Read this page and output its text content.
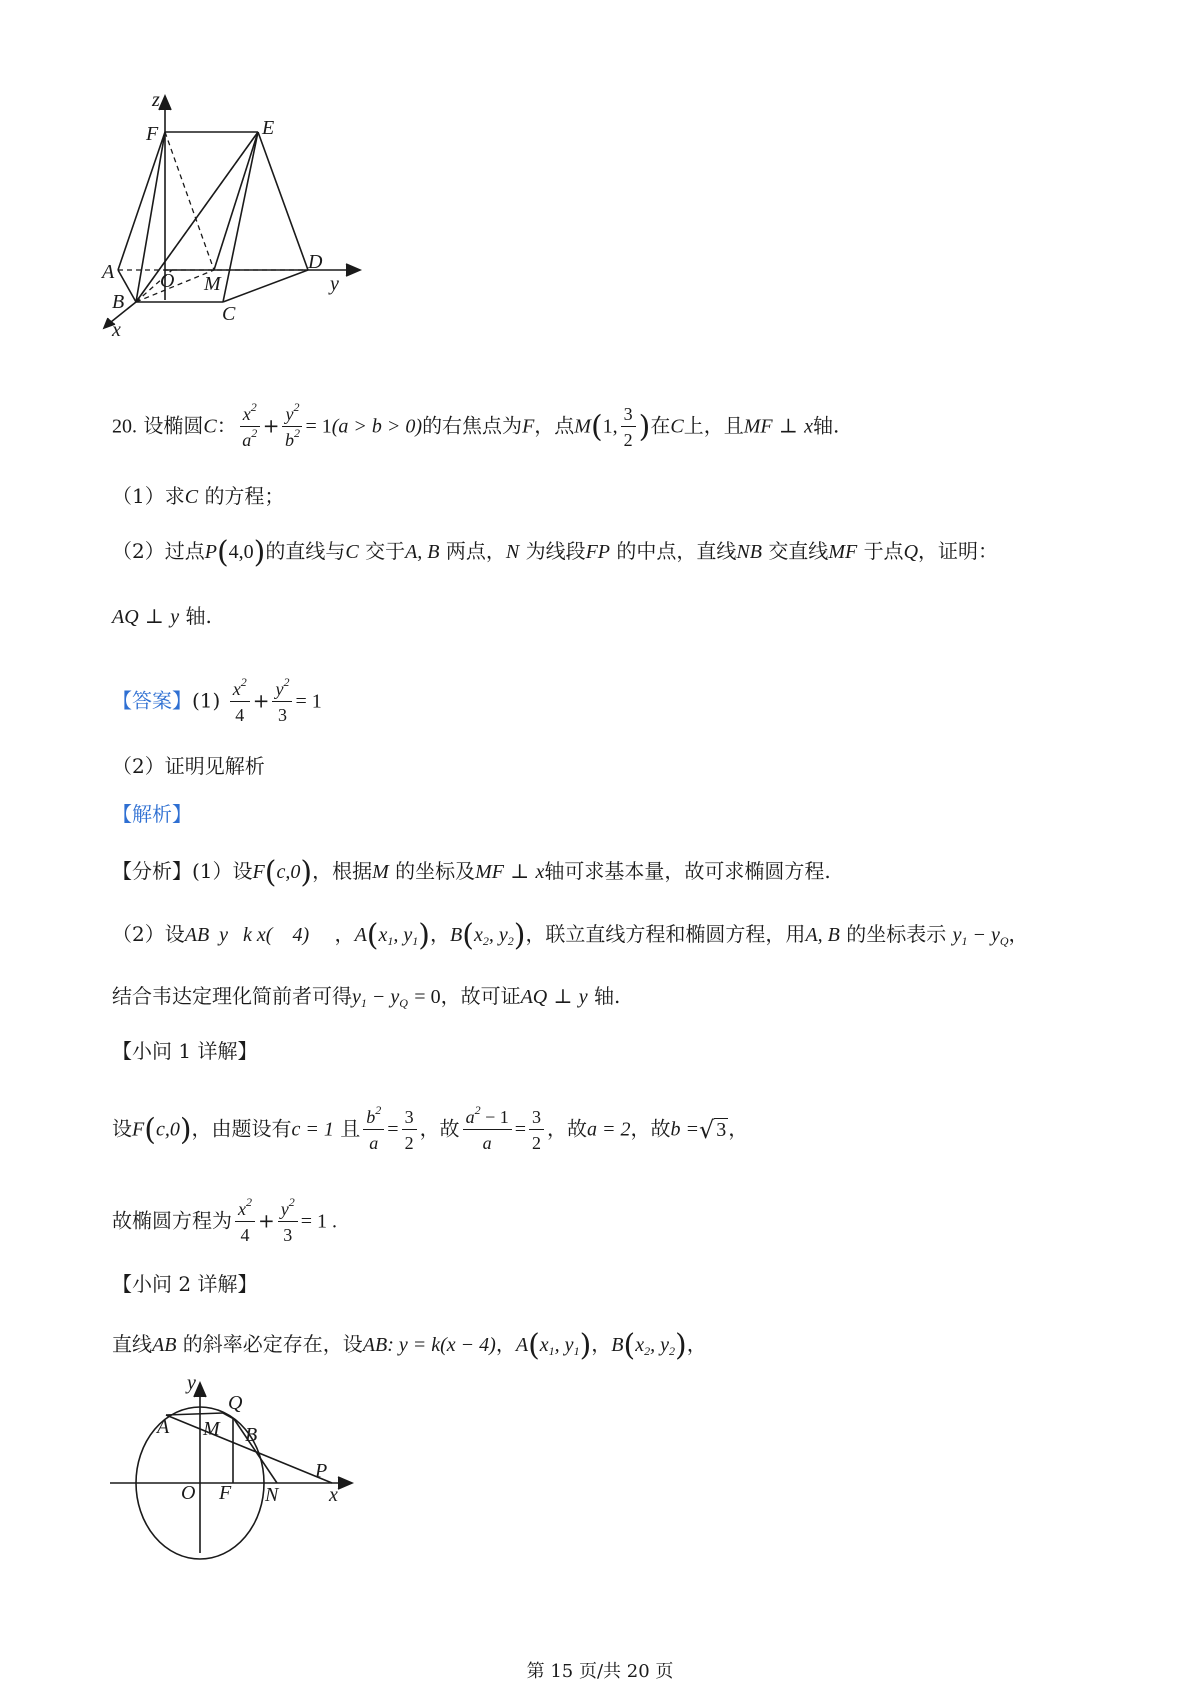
z
F	E
A O M
D
y
B
C
x
20. 设椭圆C： $\frac{x^2}{a^2} + \frac{y^2}{b^2} = 1(a > b > 0)$的右焦点为F，点M(1, $\frac{3}{2}$ )在C上，且MF ⊥ x轴.
（1）求C 的方程；
（2）过点P(4,0)的直线与C 交于A, B 两点，N 为线段FP 的中点，直线NB 交直线MF 于点Q，证明：
AQ ⊥ y 轴.
【答案】$(1) \frac{x^2}{4} + \frac{y^2}{3} = 1$
（2）证明见解析
【解析】
【分析】(1）设F(c,0)，根据M 的坐标及MF ⊥ x轴可求基本量，故可求椭圆方程.
（2）设AB  y   k x(    4)    ，$A(x_1$, $y_1$)，$B(x_2$, $y_2$)，联立直线方程和椭圆方程，用A, B 的坐标表示 $y_1 - y_Q$，
结合韦达定理化简前者可得$y_1 - y_Q = 0$，故可证AQ ⊥ y 轴.
【小问 1 详解】
设F(c,0)，由题设有c = 1 且 $\frac{b^2}{a} = \frac{3}{2}$ ，故 $\frac{a^2 - 1}{a} = \frac{3}{2}$ ，故a = 2，故b =√ 3 ，
故椭圆方程为 $\frac{x^2}{4} + \frac{y^2}{3} = 1$ .
【小问 2 详解】
直线AB 的斜率必定存在，设AB: y = k(x − 4)，$A(x_1$, $y_1$)，$B(x_2$, $y_2$)，
y
Q
A M B
P
O F N	x
第 15 页/共 20 页
